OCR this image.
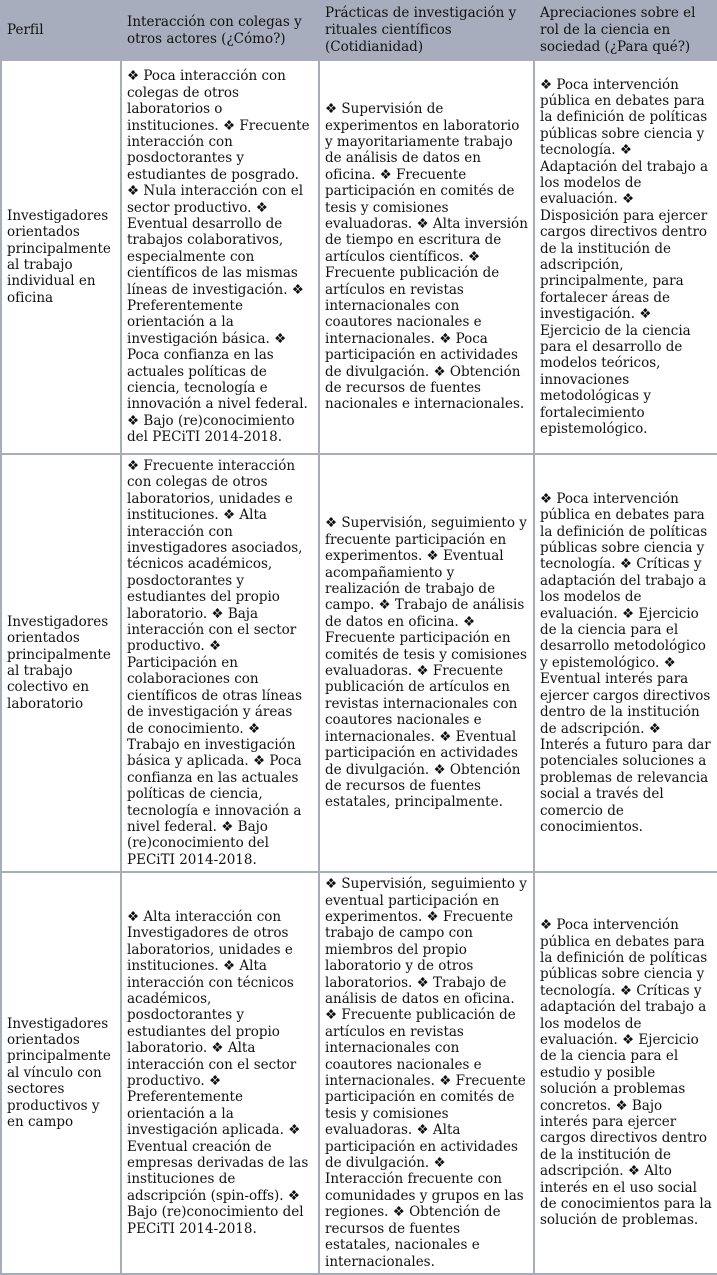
Perfil	Interacción con colegas y otros actores (¿Cómo?)	Prácticas de investigación y rituales científicos (Cotidianidad)	Apreciaciones sobre el rol de la ciencia en sociedad (¿Para qué?)
Investigadores orientados principalmente al trabajo individual en oficina	❖ Poca interacción con colegas de otros laboratorios o instituciones. ❖ Frecuente interacción con posdoctorantes y estudiantes de posgrado. ❖ Nula interacción con el sector productivo. ❖ Eventual desarrollo de trabajos colaborativos, especialmente con científicos de las mismas líneas de investigación. ❖ Preferentemente orientación a la investigación básica. ❖ Poca confianza en las actuales políticas de ciencia, tecnología e innovación a nivel federal. ❖ Bajo (re)conocimiento del PECiTI 2014-2018.	❖ Supervisión de experimentos en laboratorio y mayoritariamente trabajo de análisis de datos en oficina. ❖ Frecuente participación en comités de tesis y comisiones evaluadoras. ❖ Alta inversión de tiempo en escritura de artículos científicos. ❖ Frecuente publicación de artículos en revistas internacionales con coautores nacionales e internacionales. ❖ Poca participación en actividades de divulgación. ❖ Obtención de recursos de fuentes nacionales e internacionales.	❖ Poca intervención pública en debates para la definición de políticas públicas sobre ciencia y tecnología. ❖ Adaptación del trabajo a los modelos de evaluación. ❖ Disposición para ejercer cargos directivos dentro de la institución de adscripción, principalmente, para fortalecer áreas de investigación. ❖ Ejercicio de la ciencia para el desarrollo de modelos teóricos, innovaciones metodológicas y fortalecimiento epistemológico.
Investigadores orientados principalmente al trabajo colectivo en laboratorio	❖ Frecuente interacción con colegas de otros laboratorios, unidades e instituciones. ❖ Alta interacción con investigadores asociados, técnicos académicos, posdoctorantes y estudiantes del propio laboratorio. ❖ Baja interacción con el sector productivo. ❖ Participación en colaboraciones con científicos de otras líneas de investigación y áreas de conocimiento. ❖ Trabajo en investigación básica y aplicada. ❖ Poca confianza en las actuales políticas de ciencia, tecnología e innovación a nivel federal. ❖ Bajo (re)conocimiento del PECiTI 2014-2018.	❖ Supervisión, seguimiento y frecuente participación en experimentos. ❖ Eventual acompañamiento y realización de trabajo de campo. ❖ Trabajo de análisis de datos en oficina. ❖ Frecuente participación en comités de tesis y comisiones evaluadoras. ❖ Frecuente publicación de artículos en revistas internacionales con coautores nacionales e internacionales. ❖ Eventual participación en actividades de divulgación. ❖ Obtención de recursos de fuentes estatales, principalmente.	❖ Poca intervención pública en debates para la definición de políticas públicas sobre ciencia y tecnología. ❖ Críticas y adaptación del trabajo a los modelos de evaluación. ❖ Ejercicio de la ciencia para el desarrollo metodológico y epistemológico. ❖ Eventual interés para ejercer cargos directivos dentro de la institución de adscripción. ❖ Interés a futuro para dar potenciales soluciones a problemas de relevancia social a través del comercio de conocimientos.
Investigadores orientados principalmente al vínculo con sectores productivos y en campo	❖ Alta interacción con Investigadores de otros laboratorios, unidades e instituciones. ❖ Alta interacción con técnicos académicos, posdoctorantes y estudiantes del propio laboratorio. ❖ Alta interacción con el sector productivo. ❖ Preferentemente orientación a la investigación aplicada. ❖ Eventual creación de empresas derivadas de las instituciones de adscripción (spin-offs). ❖ Bajo (re)conocimiento del PECiTI 2014-2018.	❖ Supervisión, seguimiento y eventual participación en experimentos. ❖ Frecuente trabajo de campo con miembros del propio laboratorio y de otros laboratorios. ❖ Trabajo de análisis de datos en oficina. ❖ Frecuente publicación de artículos en revistas internacionales con coautores nacionales e internacionales. ❖ Frecuente participación en comités de tesis y comisiones evaluadoras. ❖ Alta participación en actividades de divulgación. ❖ Interacción frecuente con comunidades y grupos en las regiones. ❖ Obtención de recursos de fuentes estatales, nacionales e internacionales.	❖ Poca intervención pública en debates para la definición de políticas públicas sobre ciencia y tecnología. ❖ Críticas y adaptación del trabajo a los modelos de evaluación. ❖ Ejercicio de la ciencia para el estudio y posible solución a problemas concretos. ❖ Bajo interés para ejercer cargos directivos dentro de la institución de adscripción. ❖ Alto interés en el uso social de conocimientos para la solución de problemas.
